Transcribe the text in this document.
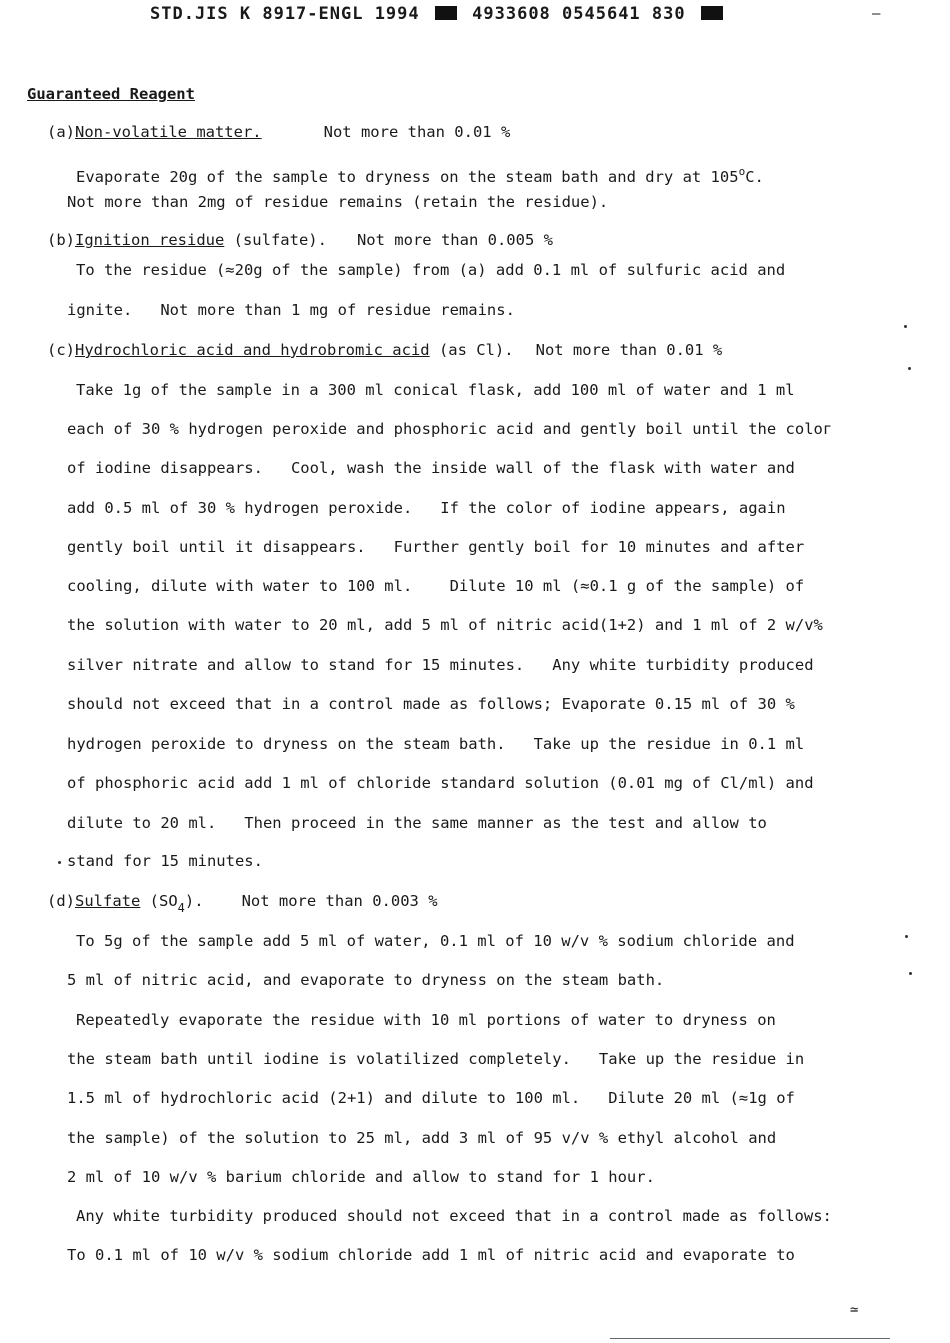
STD.JIS K 8917-ENGL 1994	4933608 0545641 830	–
Guaranteed Reagent
(a)Non-volatile matter.	Not more than 0.01 %
Evaporate 20g of the sample to dryness on the steam bath and dry at 105$^o$C.
Not more than 2mg of residue remains (retain the residue).
(b)Ignition residue (sulfate). Not more than 0.005 %
To the residue (≈20g of the sample) from (a) add 0.1 ml of sulfuric acid and
ignite.   Not more than 1 mg of residue remains.
(c)Hydrochloric acid and hydrobromic acid (as Cl). Not more than 0.01 %
Take 1g of the sample in a 300 ml conical flask, add 100 ml of water and 1 ml
each of 30 % hydrogen peroxide and phosphoric acid and gently boil until the coloг
of iodine disappears.   Cool, wash the inside wall of the flask with water and
add 0.5 ml of 30 % hydrogen peroxide.   If the color of iodine appears, again
gently boil until it disappears.   Further gently boil for 10 minutes and after
cooling, dilute with water to 100 ml.    Dilute 10 ml (≈0.1 g of the sample) of
the solution with water to 20 ml, add 5 ml of nitric acid(1+2) and 1 ml of 2 w/v%
silver nitrate and allow to stand for 15 minutes.   Any white turbidity produced
should not exceed that in a control made as follows; Evaporate 0.15 ml of 30 %
hydrogen peroxide to dryness on the steam bath.   Take up the residue in 0.1 ml
of phosphoric acid add 1 ml of chloride standard solution (0.01 mg of Cl/ml) and
dilute to 20 ml.   Then proceed in the same manner as the test and allow to
stand for 15 minutes.
(d)Sulfate $(SO_4)$. Not more than 0.003 %
To 5g of the sample add 5 ml of water, 0.1 ml of 10 w/v % sodium chloride and
5 ml of nitric acid, and evaporate to dryness on the steam bath.
Repeatedly evaporate the residue with 10 ml portions of water to dryness on
the steam bath until iodine is volatilized completely.   Take up the residue in
1.5 ml of hydrochloric acid (2+1) and dilute to 100 ml.   Dilute 20 ml (≈1g of
the sample) of the solution to 25 ml, add 3 ml of 95 v/v % ethyl alcohol and
2 ml of 10 w/v % barium chloride and allow to stand for 1 hour.
Any white turbidity produced should not exceed that in a control made as follows:
To 0.1 ml of 10 w/v % sodium chloride add 1 ml of nitric acid and evaporate to
≃
